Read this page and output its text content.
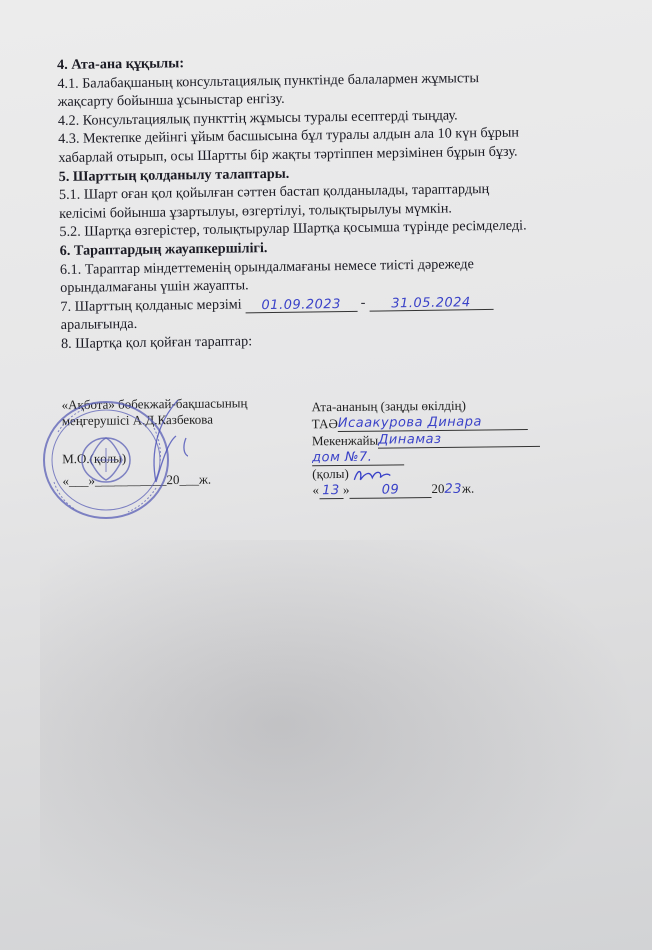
4. Ата-ана құқылы:

4.1. Балабақшаның консультациялық пунктінде балалармен жұмысты

жақсарту бойынша ұсыныстар енгізу.

4.2. Консультациялық пункттің жұмысы туралы есептерді тыңдау.

4.3. Мектепке дейінгі ұйым басшысына бұл туралы алдын ала 10 күн бұрын

хабарлай отырып, осы Шартты бір жақты тәртіппен мерзімінен бұрын бұзу.

5. Шарттың қолданылу талаптары.

5.1. Шарт оған қол қойылған сәттен бастап қолданылады, тараптардың

келісімі бойынша ұзартылуы, өзгертілуі, толықтырылуы мүмкін.

5.2. Шартқа өзгерістер, толықтырулар Шартқа қосымша түрінде ресімделеді.

6. Тараптардың жауапкершілігі.

6.1. Тараптар міндеттеменің орындалмағаны немесе тиісті дәрежеде

орындалмағаны үшін жауапты.

7. Шарттың қолданыс мерзімі 01.09.2023 - 31.05.2024

аралығында.

8. Шартқа қол қойған тараптар:

«Ақбота» бөбекжай-бақшасының
меңгерушісі А.Д.Казбекова
М.О.(қолы)
«___»___________20___ж.
Ата-ананың (заңды өкілдің)
ТАӘИсаакурова Динара
МекенжайыДинамаз
дом №7.
(қолы)
« 13 » 09 2023ж.
